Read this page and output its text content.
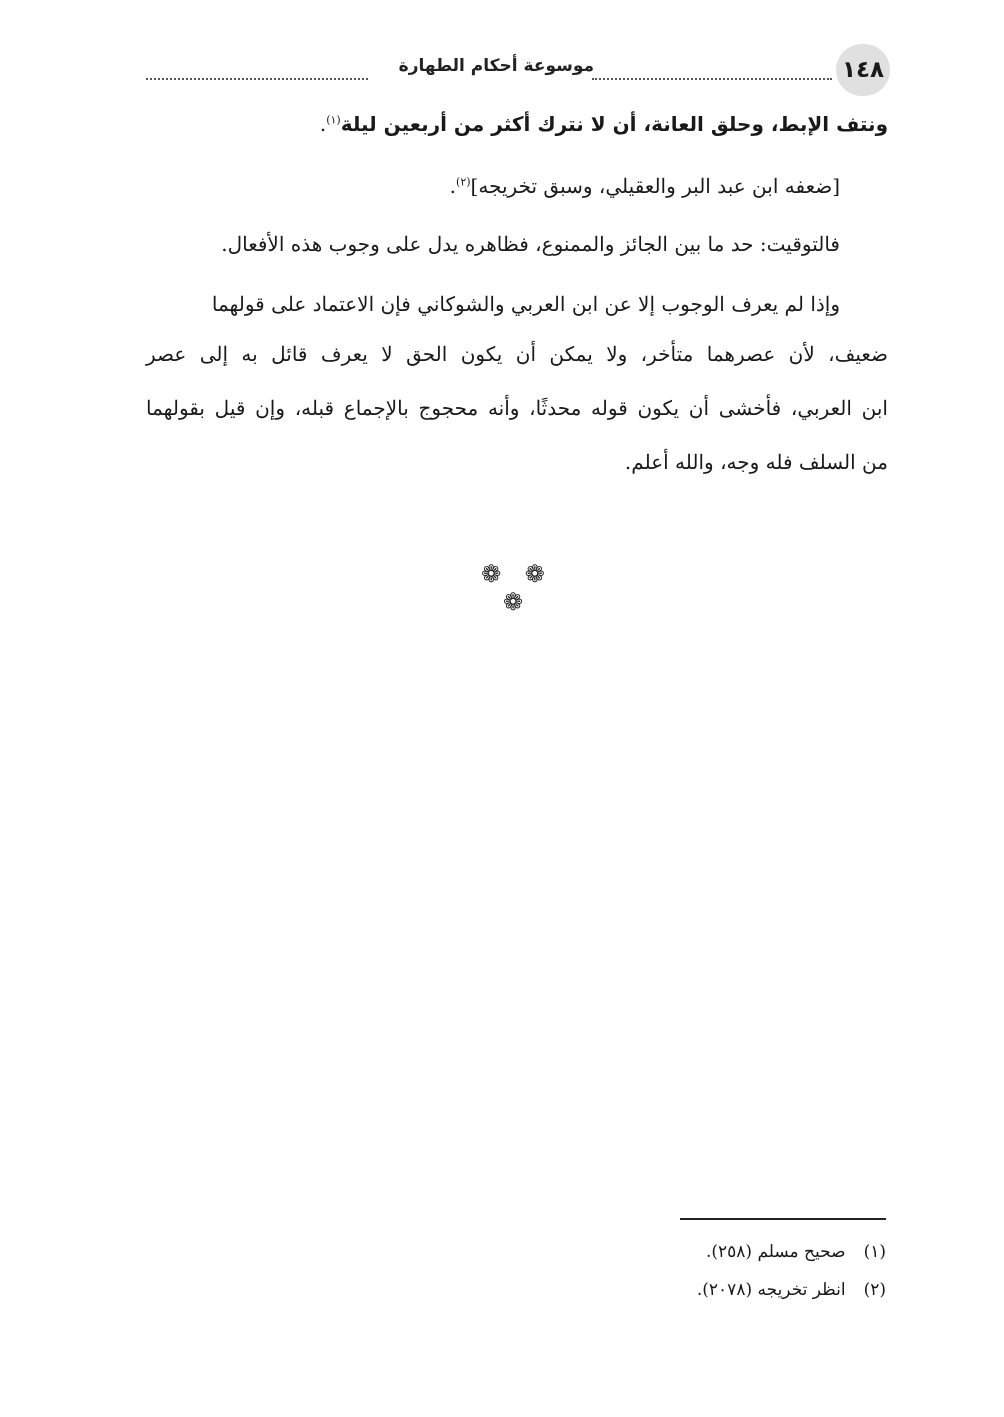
١٤٨
موسوعة أحكام الطهارة
ونتف الإبط، وحلق العانة، أن لا نترك أكثر من أربعين ليلة$^{(١)}$.
[ضعفه ابن عبد البر والعقيلي، وسبق تخريجه]$^{(٢)}$.
فالتوقيت: حد ما بين الجائز والممنوع، فظاهره يدل على وجوب هذه الأفعال.
وإذا لم يعرف الوجوب إلا عن ابن العربي والشوكاني فإن الاعتماد على قولهما
ضعيف، لأن عصرهما متأخر، ولا يمكن أن يكون الحق لا يعرف قائل به إلى عصر
ابن العربي، فأخشى أن يكون قوله محدثًا، وأنه محجوج بالإجماع قبله، وإن قيل بقولهما
من السلف فله وجه، والله أعلم.
❁ ❁ ❁
(١)صحيح مسلم (٢٥٨).
(٢)انظر تخريجه (٢٠٧٨).
